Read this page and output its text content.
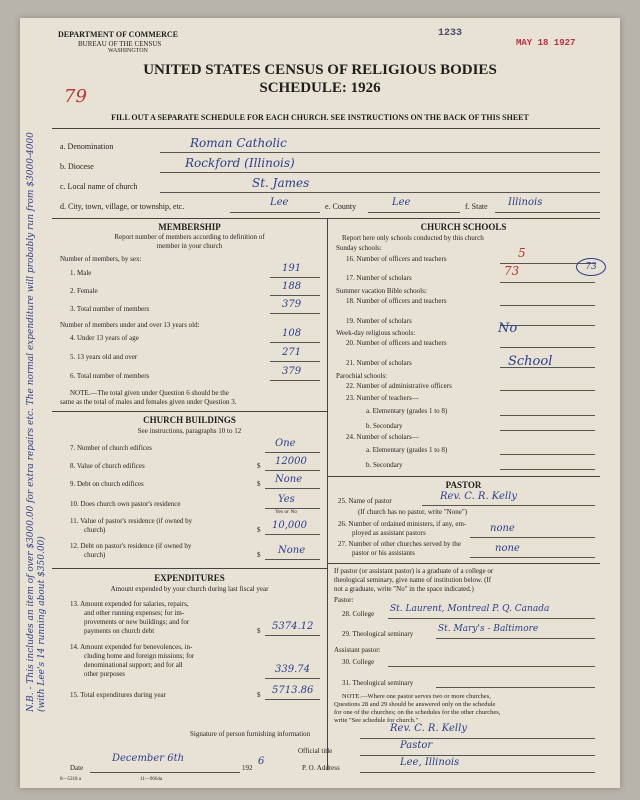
DEPARTMENT OF COMMERCE
BUREAU OF THE CENSUS
WASHINGTON
1233
MAY 18 1927
UNITED STATES CENSUS OF RELIGIOUS BODIES
SCHEDULE: 1926
79
FILL OUT A SEPARATE SCHEDULE FOR EACH CHURCH. SEE INSTRUCTIONS ON THE BACK OF THIS SHEET
a. Denomination	Roman Catholic
b. Diocese	Rockford (Illinois)
c. Local name of church	St. James
d. City, town, village, or township, etc.	Lee	e. County	Lee	f. State Illinois
MEMBERSHIP
Report number of members according to definition of
member in your church
Number of members, by sex:
1. Male	191
2. Female	188
3. Total number of members	379
Number of members under and over 13 years old:
4. Under 13 years of age	108
5. 13 years old and over	271
6. Total number of members	379
NOTE.—The total given under Question 6 should be the
same as the total of males and females given under Question 3.
CHURCH BUILDINGS
See instructions, paragraphs 10 to 12
7. Number of church edifices	One
8. Value of church edifices	$ 12000
9. Debt on church edifices	$ None
10. Does church own pastor's residence	Yes
Yes or No
11. Value of pastor's residence (if owned by
church)	$ 10,000
12. Debt on pastor's residence (if owned by
church)	$ None
EXPENDITURES
Amount expended by your church during last fiscal year
13. Amount expended for salaries, repairs,
and other running expenses; for im-
provements or new buildings; and for
payments on church debt	$ 5374.12
14. Amount expended for benevolences, in-
cluding home and foreign missions; for
denominational support; and for all
other purposes	339.74
15. Total expenditures during year	$ 5713.86
CHURCH SCHOOLS
Report here only schools conducted by this church
Sunday schools:
16. Number of officers and teachers	5
17. Number of scholars	73	73
Summer vacation Bible schools:
18. Number of officers and teachers
19. Number of scholars
Week-day religious schools:	No
20. Number of officers and teachers
21. Number of scholars	School
Parochial schools:
22. Number of administrative officers
23. Number of teachers—
a. Elementary (grades 1 to 8)
b. Secondary
24. Number of scholars—
a. Elementary (grades 1 to 8)
b. Secondary
PASTOR
25. Name of pastor	Rev. C. R. Kelly
(If church has no pastor, write "None")
26. Number of ordained ministers, if any, em-
ployed as assistant pastors	none
27. Number of other churches served by the
pastor or his assistants	none
If pastor (or assistant pastor) is a graduate of a college or
theological seminary, give name of institution below. (If
not a graduate, write "No" in the space indicated.)
Pastor:
28. College St. Laurent, Montreal P. Q. Canada
29. Theological seminary	St. Mary's - Baltimore
Assistant pastor:
30. College
31. Theological seminary
NOTE.—Where one pastor serves two or more churches,
Questions 28 and 29 should be answered only on the schedule
for one of the churches; on the schedules for the other churches,
write "See schedule for church."
Signature of person furnishing information	Rev. C. R. Kelly
Official title	Pastor
Date
December 6th
192
6
P. O. Address	Lee, Illinois
8—5318 a	11—9664a
N.B. - This includes an item of over $3000.00 for extra repairs etc. The normal expenditure will probably run from $3000-4000 (with Lee's 14 running about $350.00)
